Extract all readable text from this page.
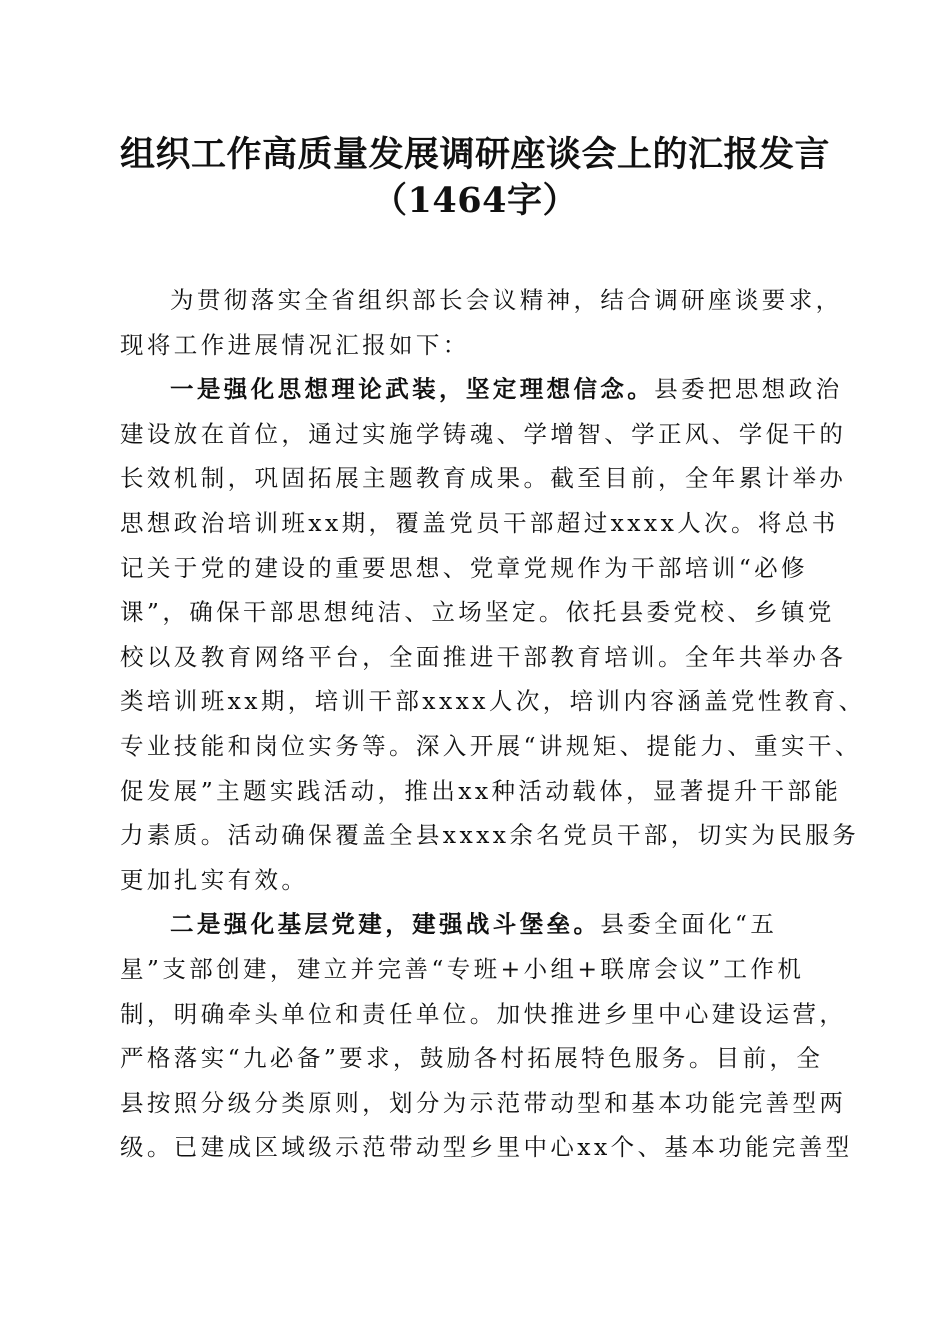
组织工作高质量发展调研座谈会上的汇报发言
（1464字）
为贯彻落实全省组织部长会议精神，结合调研座谈要求，
现将工作进展情况汇报如下：
一是强化思想理论武装，坚定理想信念。县委把思想政治
建设放在首位，通过实施学铸魂、学增智、学正风、学促干的
长效机制，巩固拓展主题教育成果。截至目前，全年累计举办
思想政治培训班xx期，覆盖党员干部超过xxxx人次。将总书
记关于党的建设的重要思想、党章党规作为干部培训“必修
课”，确保干部思想纯洁、立场坚定。依托县委党校、乡镇党
校以及教育网络平台，全面推进干部教育培训。全年共举办各
类培训班xx期，培训干部xxxx人次，培训内容涵盖党性教育、
专业技能和岗位实务等。深入开展“讲规矩、提能力、重实干、
促发展”主题实践活动，推出xx种活动载体，显著提升干部能
力素质。活动确保覆盖全县xxxx余名党员干部，切实为民服务
更加扎实有效。
二是强化基层党建，建强战斗堡垒。县委全面化“五
星”支部创建，建立并完善“专班+小组+联席会议”工作机
制，明确牵头单位和责任单位。加快推进乡里中心建设运营，
严格落实“九必备”要求，鼓励各村拓展特色服务。目前，全
县按照分级分类原则，划分为示范带动型和基本功能完善型两
级。已建成区域级示范带动型乡里中心xx个、基本功能完善型
